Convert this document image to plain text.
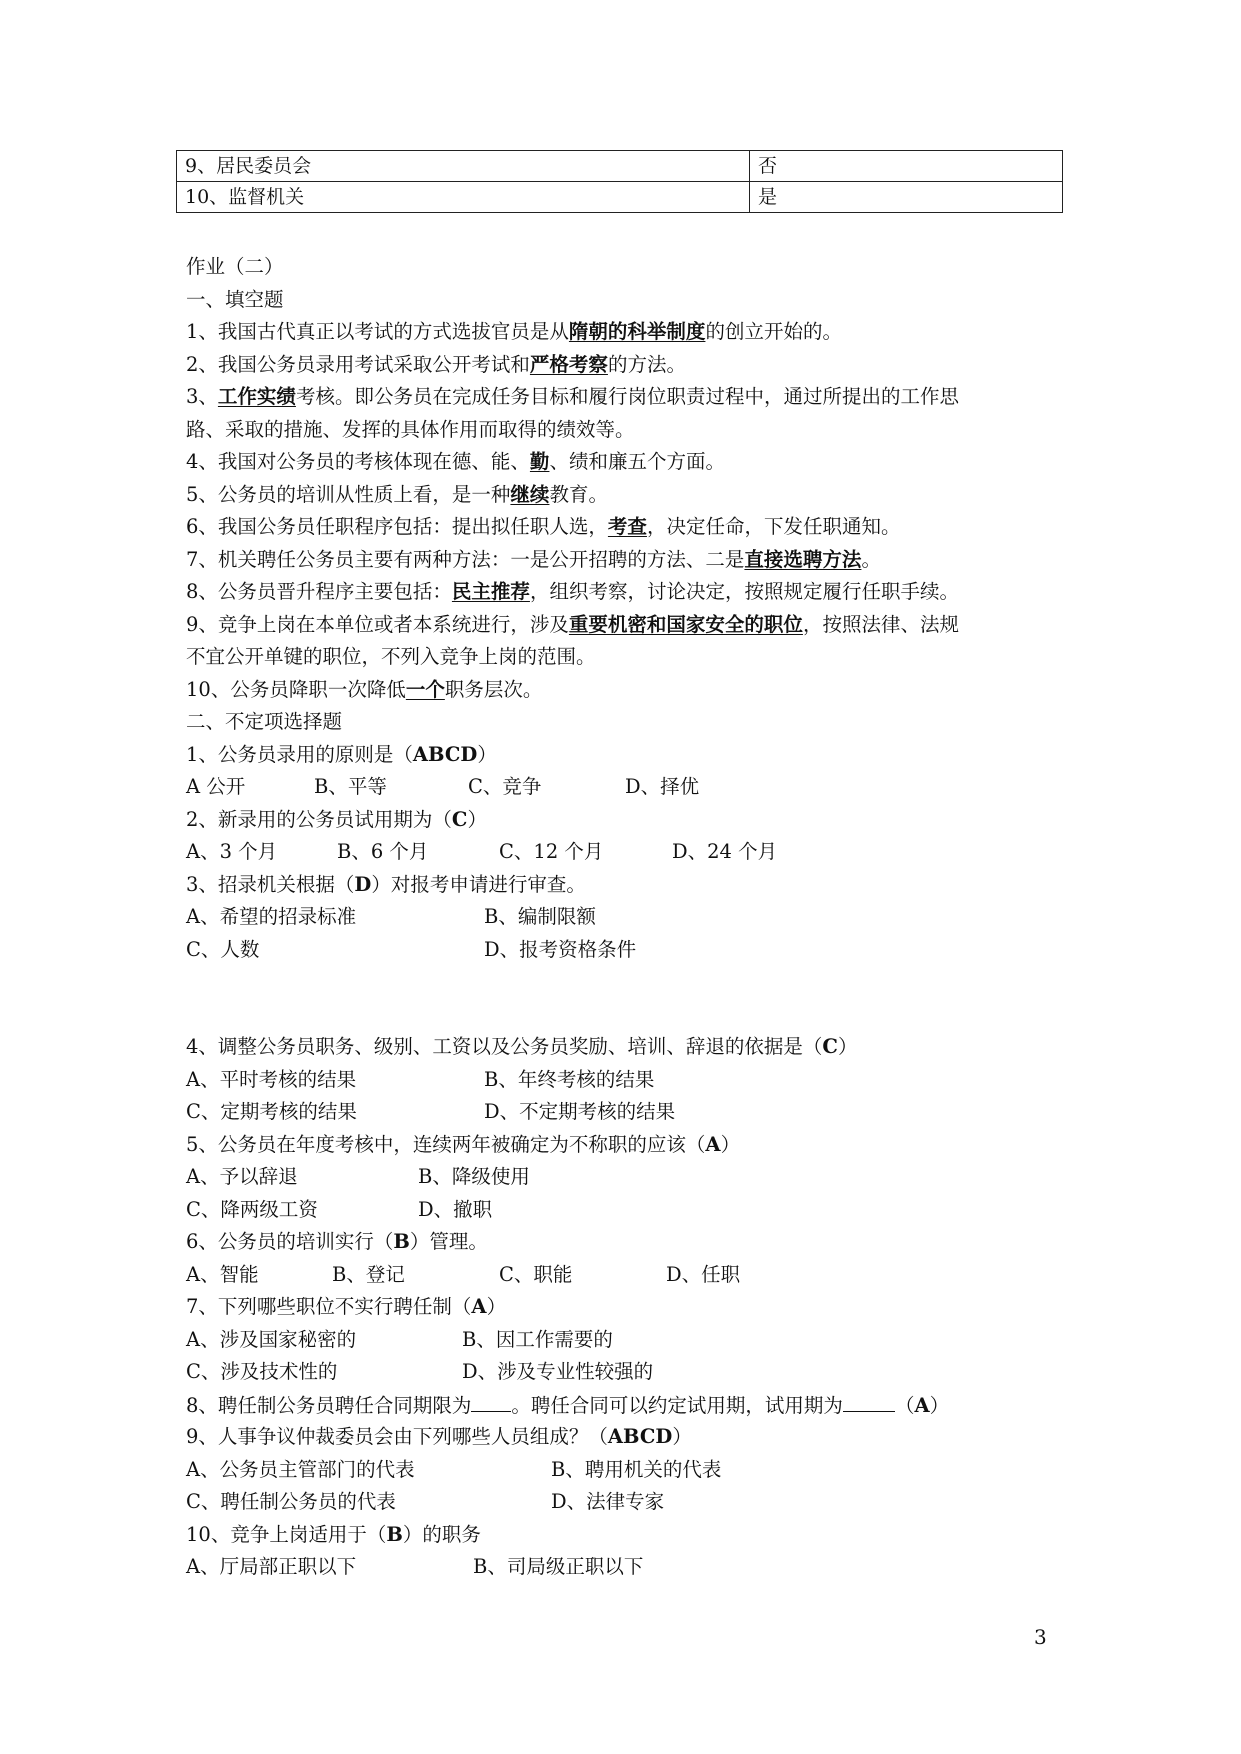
9、居民委员会	否
10、监督机关	是
作业（二）
一、填空题
1、我国古代真正以考试的方式选拔官员是从隋朝的科举制度的创立开始的。
2、我国公务员录用考试采取公开考试和严格考察的方法。
3、工作实绩考核。即公务员在完成任务目标和履行岗位职责过程中，通过所提出的工作思
路、采取的措施、发挥的具体作用而取得的绩效等。
4、我国对公务员的考核体现在德、能、勤、绩和廉五个方面。
5、公务员的培训从性质上看，是一种继续教育。
6、我国公务员任职程序包括：提出拟任职人选，考查，决定任命，下发任职通知。
7、机关聘任公务员主要有两种方法：一是公开招聘的方法、二是直接选聘方法。
8、公务员晋升程序主要包括：民主推荐，组织考察，讨论决定，按照规定履行任职手续。
9、竞争上岗在本单位或者本系统进行，涉及重要机密和国家安全的职位，按照法律、法规
不宜公开单键的职位，不列入竞争上岗的范围。
10、公务员降职一次降低一个职务层次。
二、不定项选择题
1、公务员录用的原则是（ABCD）
A 公开	B、平等	C、竞争	D、择优
2、新录用的公务员试用期为（C）
A、3 个月	B、6 个月	C、12 个月	D、24 个月
3、招录机关根据（D）对报考申请进行审查。
A、希望的招录标准	B、编制限额
C、人数	D、报考资格条件
4、调整公务员职务、级别、工资以及公务员奖励、培训、辞退的依据是（C）
A、平时考核的结果	B、年终考核的结果
C、定期考核的结果	D、不定期考核的结果
5、公务员在年度考核中，连续两年被确定为不称职的应该（A）
A、予以辞退	B、降级使用
C、降两级工资	D、撤职
6、公务员的培训实行（B）管理。
A、智能	B、登记	C、职能	D、任职
7、下列哪些职位不实行聘任制（A）
A、涉及国家秘密的	B、因工作需要的
C、涉及技术性的	D、涉及专业性较强的
8、聘任制公务员聘任合同期限为 。聘任合同可以约定试用期，试用期为	（A）
9、人事争议仲裁委员会由下列哪些人员组成？（ABCD）
A、公务员主管部门的代表	B、聘用机关的代表
C、聘任制公务员的代表	D、法律专家
10、竞争上岗适用于（B）的职务
A、厅局部正职以下	B、司局级正职以下
3
